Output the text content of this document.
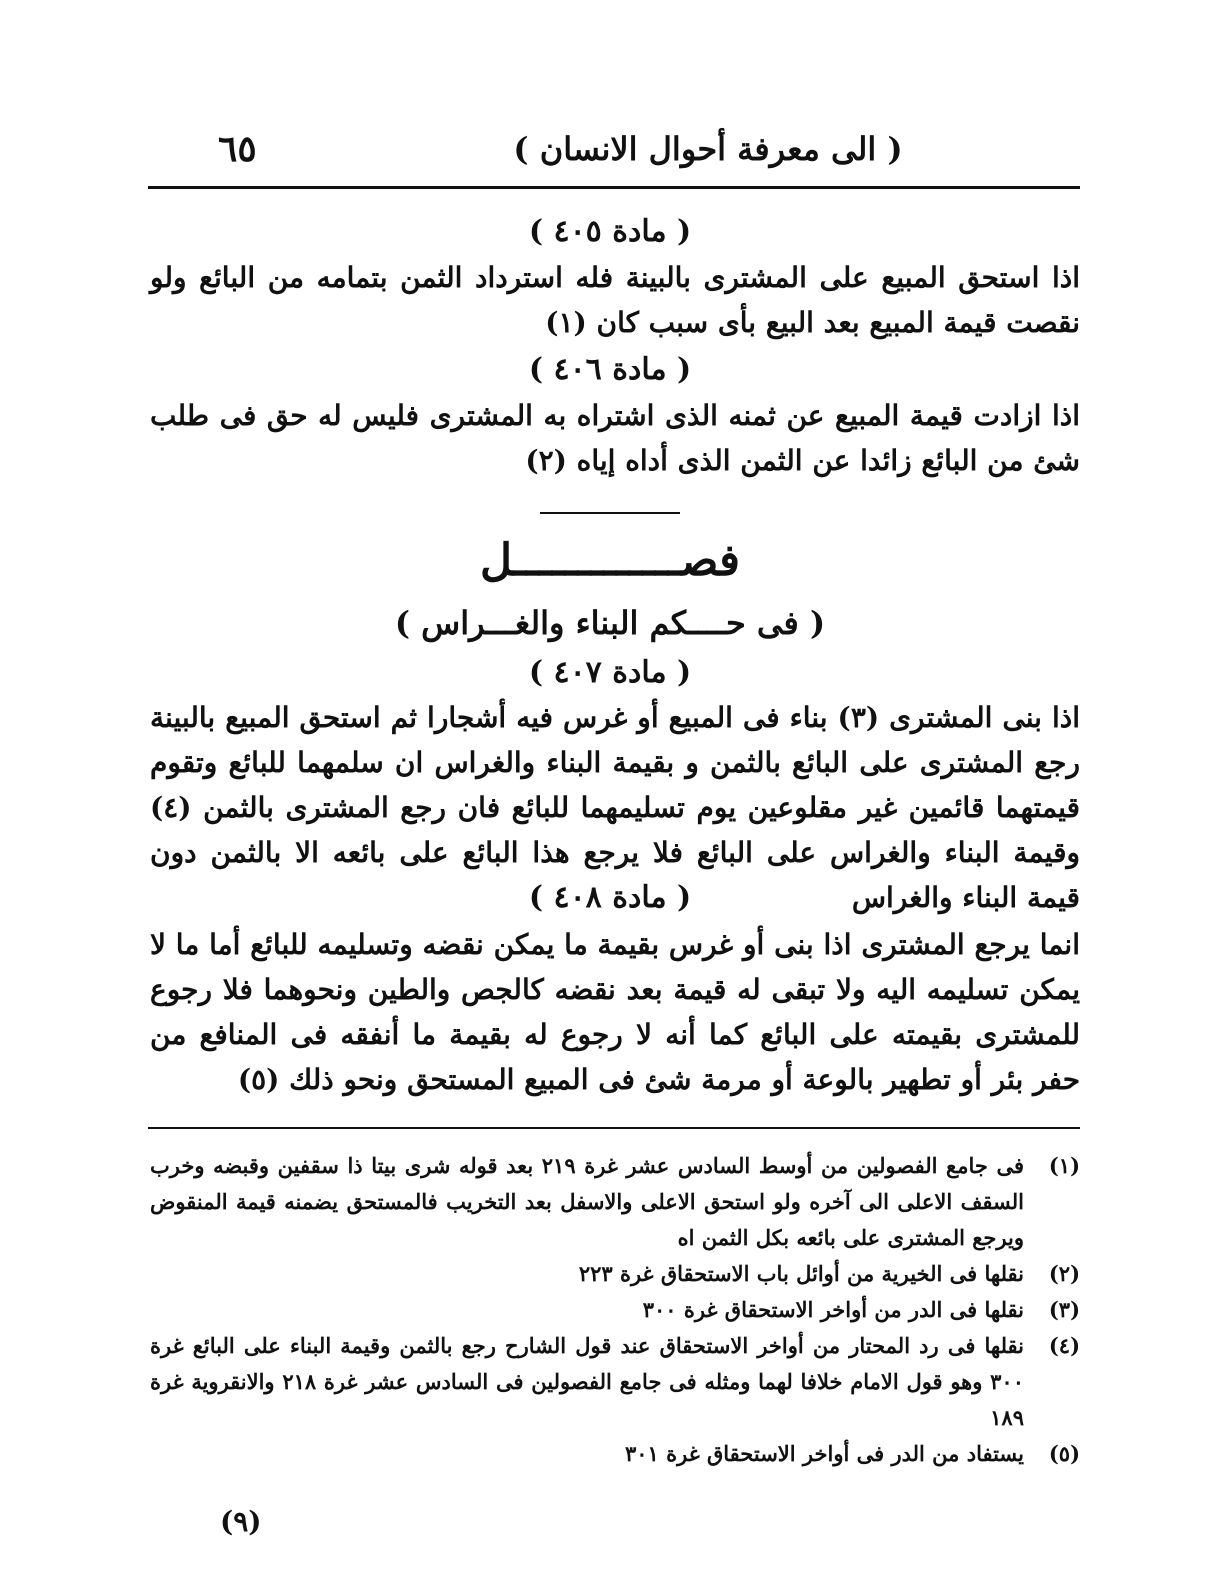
٦٥	( الى معرفة أحوال الانسان )
( مادة ٤٠٥ )
اذا استحق المبيع على المشترى بالبينة فله استرداد الثمن بتمامه من البائع ولو نقصت قيمة المبيع بعد البيع بأى سبب كان (١)
( مادة ٤٠٦ )
اذا ازادت قيمة المبيع عن ثمنه الذى اشتراه به المشترى فليس له حق فى طلب شئ من البائع زائدا عن الثمن الذى أداه إياه (٢)
فصـــــــــــــل
( فى حــــكم البناء والغـــراس )
( مادة ٤٠٧ )
اذا بنى المشترى (٣) بناء فى المبيع أو غرس فيه أشجارا ثم استحق المبيع بالبينة رجع المشترى على البائع بالثمن و بقيمة البناء والغراس ان سلمهما للبائع وتقوم قيمتهما قائمين غير مقلوعين يوم تسليمهما للبائع فان رجع المشترى بالثمن (٤) وقيمة البناء والغراس على البائع فلا يرجع هذا البائع على بائعه الا بالثمن دون قيمة البناء والغراس
( مادة ٤٠٨ )
انما يرجع المشترى اذا بنى أو غرس بقيمة ما يمكن نقضه وتسليمه للبائع أما ما لا يمكن تسليمه اليه ولا تبقى له قيمة بعد نقضه كالجص والطين ونحوهما فلا رجوع للمشترى بقيمته على البائع كما أنه لا رجوع له بقيمة ما أنفقه فى المنافع من حفر بئر أو تطهير بالوعة أو مرمة شئ فى المبيع المستحق ونحو ذلك (٥)
(١)
فى جامع الفصولين من أوسط السادس عشر غرة ٢١٩ بعد قوله شرى بيتا ذا سقفين وقبضه وخرب السقف الاعلى الى آخره ولو استحق الاعلى والاسفل بعد التخريب فالمستحق يضمنه قيمة المنقوض ويرجع المشترى على بائعه بكل الثمن اه
(٢)
نقلها فى الخيرية من أوائل باب الاستحقاق غرة ٢٢٣
(٣)
نقلها فى الدر من أواخر الاستحقاق غرة ٣٠٠
(٤)
نقلها فى رد المحتار من أواخر الاستحقاق عند قول الشارح رجع بالثمن وقيمة البناء على البائع غرة ٣٠٠ وهو قول الامام خلافا لهما ومثله فى جامع الفصولين فى السادس عشر غرة ٢١٨ والانقروية غرة ١٨٩
(٥)
يستفاد من الدر فى أواخر الاستحقاق غرة ٣٠١
(٩)
